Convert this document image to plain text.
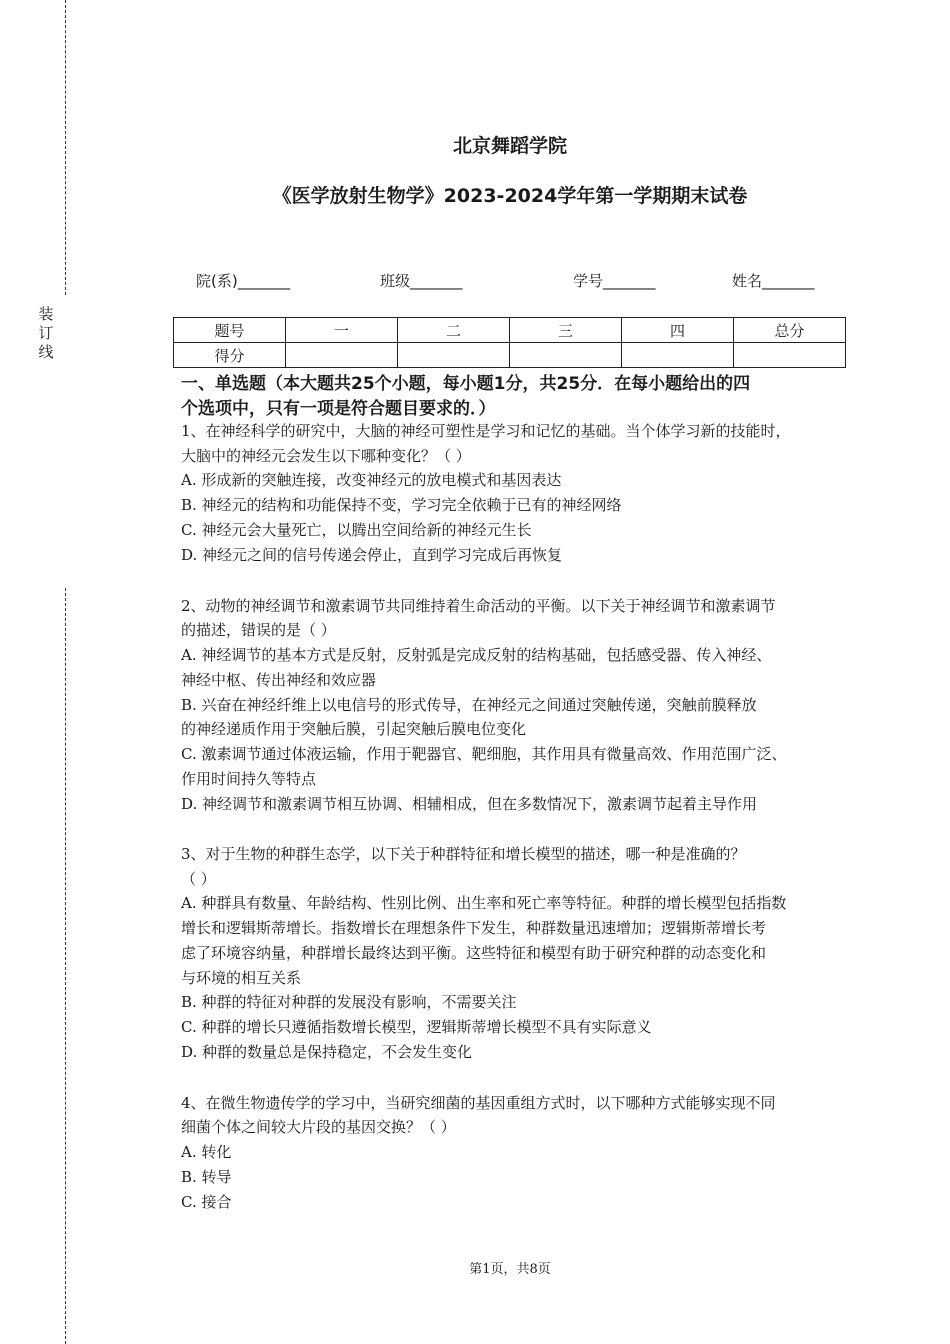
装订线
北京舞蹈学院
《医学放射生物学》2023-2024学年第一学期期末试卷
院(系)_______	班级_______	学号_______	姓名_______
题号	一	二	三	四	总分
得分					
一、单选题（本大题共25个小题，每小题1分，共25分．在每小题给出的四
个选项中，只有一项是符合题目要求的．）
1、在神经科学的研究中，大脑的神经可塑性是学习和记忆的基础。当个体学习新的技能时，
大脑中的神经元会发生以下哪种变化？（ ）
A. 形成新的突触连接，改变神经元的放电模式和基因表达
B. 神经元的结构和功能保持不变，学习完全依赖于已有的神经网络
C. 神经元会大量死亡，以腾出空间给新的神经元生长
D. 神经元之间的信号传递会停止，直到学习完成后再恢复
2、动物的神经调节和激素调节共同维持着生命活动的平衡。以下关于神经调节和激素调节
的描述，错误的是（ ）
A. 神经调节的基本方式是反射，反射弧是完成反射的结构基础，包括感受器、传入神经、
神经中枢、传出神经和效应器
B. 兴奋在神经纤维上以电信号的形式传导，在神经元之间通过突触传递，突触前膜释放
的神经递质作用于突触后膜，引起突触后膜电位变化
C. 激素调节通过体液运输，作用于靶器官、靶细胞，其作用具有微量高效、作用范围广泛、
作用时间持久等特点
D. 神经调节和激素调节相互协调、相辅相成，但在多数情况下，激素调节起着主导作用
3、对于生物的种群生态学，以下关于种群特征和增长模型的描述，哪一种是准确的？
（ ）
A. 种群具有数量、年龄结构、性别比例、出生率和死亡率等特征。种群的增长模型包括指数
增长和逻辑斯蒂增长。指数增长在理想条件下发生，种群数量迅速增加；逻辑斯蒂增长考
虑了环境容纳量，种群增长最终达到平衡。这些特征和模型有助于研究种群的动态变化和
与环境的相互关系
B. 种群的特征对种群的发展没有影响，不需要关注
C. 种群的增长只遵循指数增长模型，逻辑斯蒂增长模型不具有实际意义
D. 种群的数量总是保持稳定，不会发生变化
4、在微生物遗传学的学习中，当研究细菌的基因重组方式时，以下哪种方式能够实现不同
细菌个体之间较大片段的基因交换？（ ）
A. 转化
B. 转导
C. 接合
第1页，共8页
